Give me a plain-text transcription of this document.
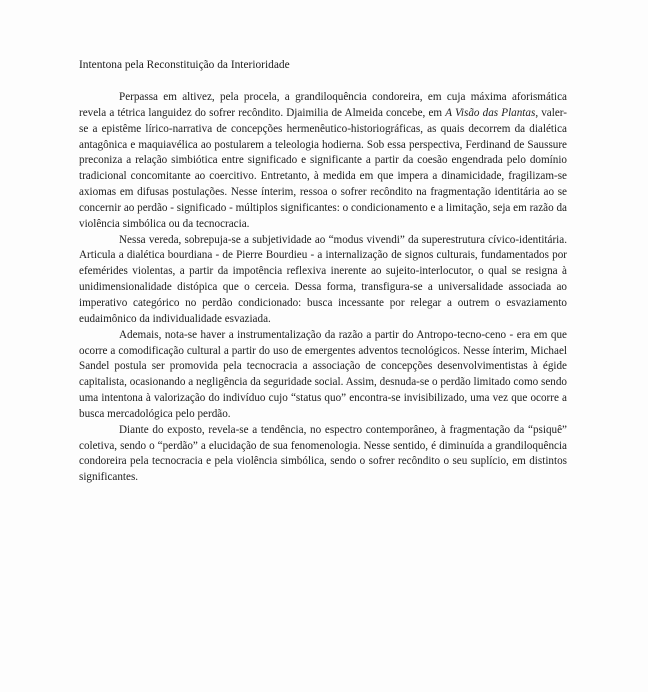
Intentona pela Reconstituição da Interioridade

Perpassa em altivez, pela procela, a grandiloquência condoreira, em cuja máxima aforismática revela a tétrica languidez do sofrer recôndito. Djaimilia de Almeida concebe, em A Visão das Plantas, valer-se a epistême lírico-narrativa de concepções hermenêutico-historiográficas, as quais decorrem da dialética antagônica e maquiavélica ao postularem a teleologia hodierna. Sob essa perspectiva, Ferdinand de Saussure preconiza a relação simbiótica entre significado e significante a partir da coesão engendrada pelo domínio tradicional concomitante ao coercitivo. Entretanto, à medida em que impera a dinamicidade, fragilizam-se axiomas em difusas postulações. Nesse ínterim, ressoa o sofrer recôndito na fragmentação identitária ao se concernir ao perdão - significado - múltiplos significantes: o condicionamento e a limitação, seja em razão da violência simbólica ou da tecnocracia.

Nessa vereda, sobrepuja-se a subjetividade ao “modus vivendi” da superestrutura cívico-identitária. Articula a dialética bourdiana - de Pierre Bourdieu - a internalização de signos culturais, fundamentados por efemérides violentas, a partir da impotência reflexiva inerente ao sujeito-interlocutor, o qual se resigna à unidimensionalidade distópica que o cerceia. Dessa forma, transfigura-se a universalidade associada ao imperativo categórico no perdão condicionado: busca incessante por relegar a outrem o esvaziamento eudaimônico da individualidade esvaziada.

Ademais, nota-se haver a instrumentalização da razão a partir do Antropo-tecno-ceno - era em que ocorre a comodificação cultural a partir do uso de emergentes adventos tecnológicos. Nesse ínterim, Michael Sandel postula ser promovida pela tecnocracia a associação de concepções desenvolvimentistas à égide capitalista, ocasionando a negligência da seguridade social. Assim, desnuda-se o perdão limitado como sendo uma intentona à valorização do indivíduo cujo “status quo” encontra-se invisibilizado, uma vez que ocorre a busca mercadológica pelo perdão.

Diante do exposto, revela-se a tendência, no espectro contemporâneo, à fragmentação da “psiquê” coletiva, sendo o “perdão” a elucidação de sua fenomenologia. Nesse sentido, é diminuída a grandiloquência condoreira pela tecnocracia e pela violência simbólica, sendo o sofrer recôndito o seu suplício, em distintos significantes.
